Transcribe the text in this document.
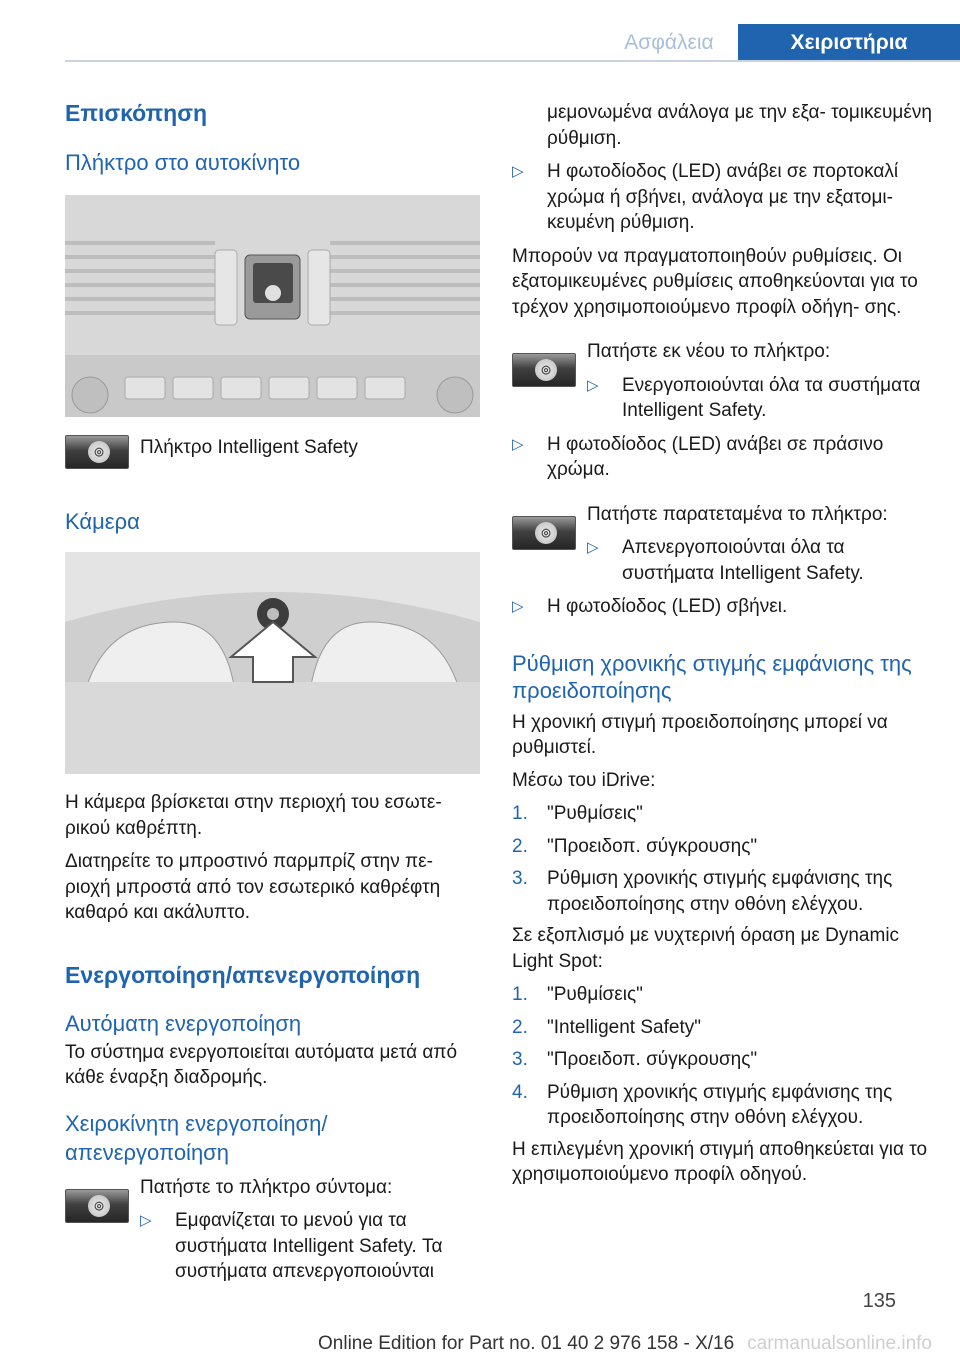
Ασφάλεια	Χειριστήρια
Επισκόπηση
Πλήκτρο στο αυτοκίνητο
◎	Πλήκτρο Intelligent Safety

Κάμερα

Η κάμερα βρίσκεται στην περιοχή του εσωτε‐ ρικού καθρέπτη.

Διατηρείτε το μπροστινό παρμπρίζ στην πε‐ ριοχή μπροστά από τον εσωτερικό καθρέφτη καθαρό και ακάλυπτο.

Ενεργοποίηση/απενεργοποίηση
Αυτόματη ενεργοποίηση

Το σύστημα ενεργοποιείται αυτόματα μετά από κάθε έναρξη διαδρομής.

Χειροκίνητη ενεργοποίηση/ απενεργοποίηση
◎

Πατήστε το πλήκτρο σύντομα:

▷ Εμφανίζεται το μενού για τα συστήματα Intelligent Safety. Τα συστήματα απενεργοποιούνται

μεμονωμένα ανάλογα με την εξα‐ τομικευμένη ρύθμιση.

▷ Η φωτοδίοδος (LED) ανάβει σε πορτοκαλί χρώμα ή σβήνει, ανάλογα με την εξατομι‐ κευμένη ρύθμιση.

Μπορούν να πραγματοποιηθούν ρυθμίσεις. Οι εξατομικευμένες ρυθμίσεις αποθηκεύονται για το τρέχον χρησιμοποιούμενο προφίλ οδήγη‐ σης.

◎

Πατήστε εκ νέου το πλήκτρο:

▷ Ενεργοποιούνται όλα τα συστήματα Intelligent Safety.
▷ Η φωτοδίοδος (LED) ανάβει σε πράσινο χρώμα.
◎

Πατήστε παρατεταμένα το πλήκτρο:

▷ Απενεργοποιούνται όλα τα συστήματα Intelligent Safety.
▷ Η φωτοδίοδος (LED) σβήνει.
Ρύθμιση χρονικής στιγμής εμφάνισης της προειδοποίησης

Η χρονική στιγμή προειδοποίησης μπορεί να ρυθμιστεί.

Μέσω του iDrive:

1. "Ρυθμίσεις"
2. "Προειδοπ. σύγκρουσης"
3. Ρύθμιση χρονικής στιγμής εμφάνισης της προειδοποίησης στην οθόνη ελέγχου.

Σε εξοπλισμό με νυχτερινή όραση με Dynamic Light Spot:

1. "Ρυθμίσεις"
2. "Intelligent Safety"
3. "Προειδοπ. σύγκρουσης"
4. Ρύθμιση χρονικής στιγμής εμφάνισης της προειδοποίησης στην οθόνη ελέγχου.

Η επιλεγμένη χρονική στιγμή αποθηκεύεται για το χρησιμοποιούμενο προφίλ οδηγού.

135
Online Edition for Part no. 01 40 2 976 158 - X/16 carmanualsonline.info
